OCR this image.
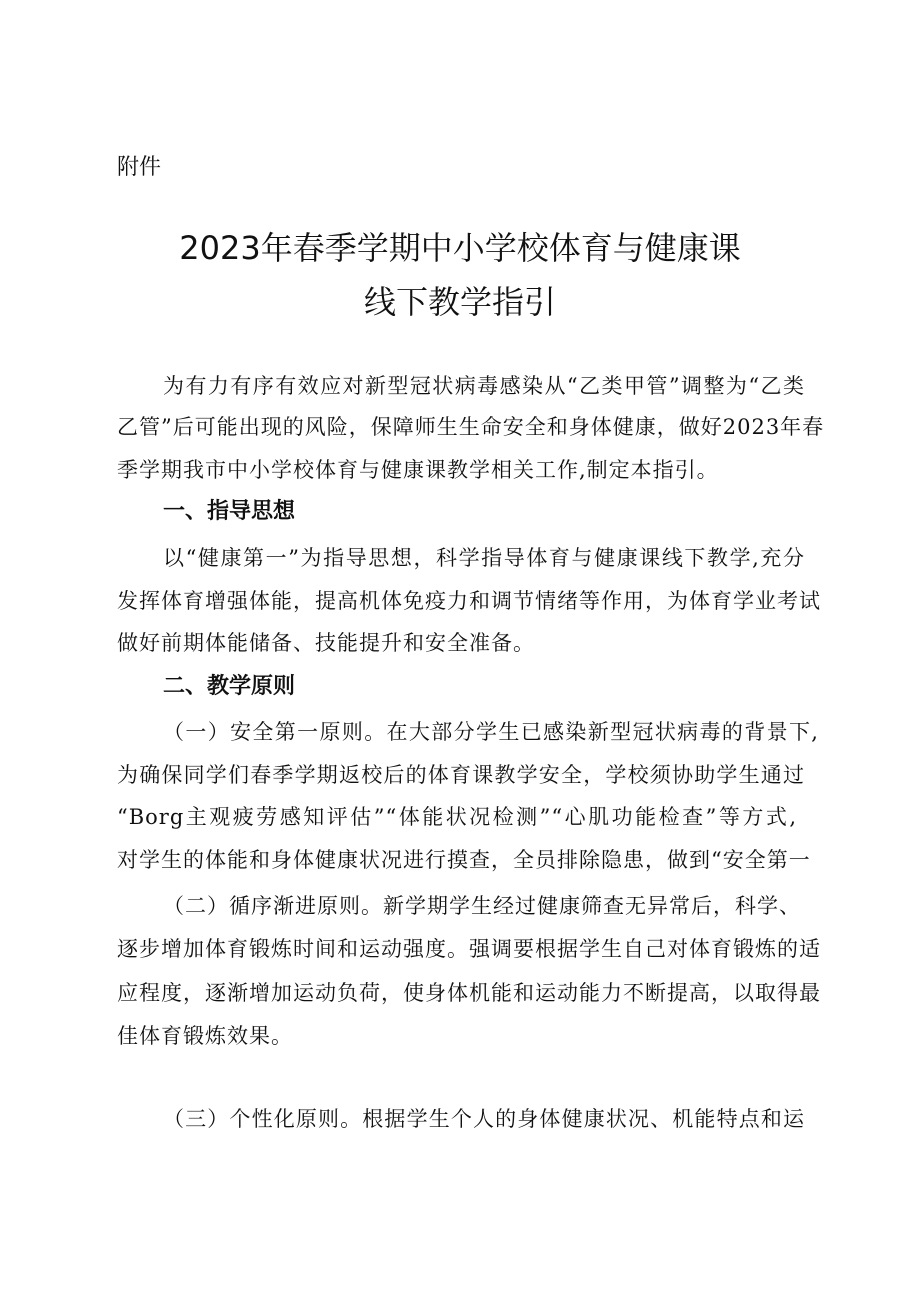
附件
2023年春季学期中小学校体育与健康课
线下教学指引
为有力有序有效应对新型冠状病毒感染从“乙类甲管”调整为“乙类
乙管”后可能出现的风险，保障师生生命安全和身体健康，做好2023年春
季学期我市中小学校体育与健康课教学相关工作,制定本指引。
一、指导思想
以“健康第一”为指导思想，科学指导体育与健康课线下教学,充分
发挥体育增强体能，提高机体免疫力和调节情绪等作用，为体育学业考试
做好前期体能储备、技能提升和安全准备。
二、教学原则
（一）安全第一原则。在大部分学生已感染新型冠状病毒的背景下,
为确保同学们春季学期返校后的体育课教学安全，学校须协助学生通过
“Borg主观疲劳感知评估”“体能状况检测”“心肌功能检查”等方式,
对学生的体能和身体健康状况进行摸查，全员排除隐患，做到“安全第一
（二）循序渐进原则。新学期学生经过健康筛查无异常后，科学、
逐步增加体育锻炼时间和运动强度。强调要根据学生自己对体育锻炼的适
应程度，逐渐增加运动负荷，使身体机能和运动能力不断提高，以取得最
佳体育锻炼效果。
（三）个性化原则。根据学生个人的身体健康状况、机能特点和运
